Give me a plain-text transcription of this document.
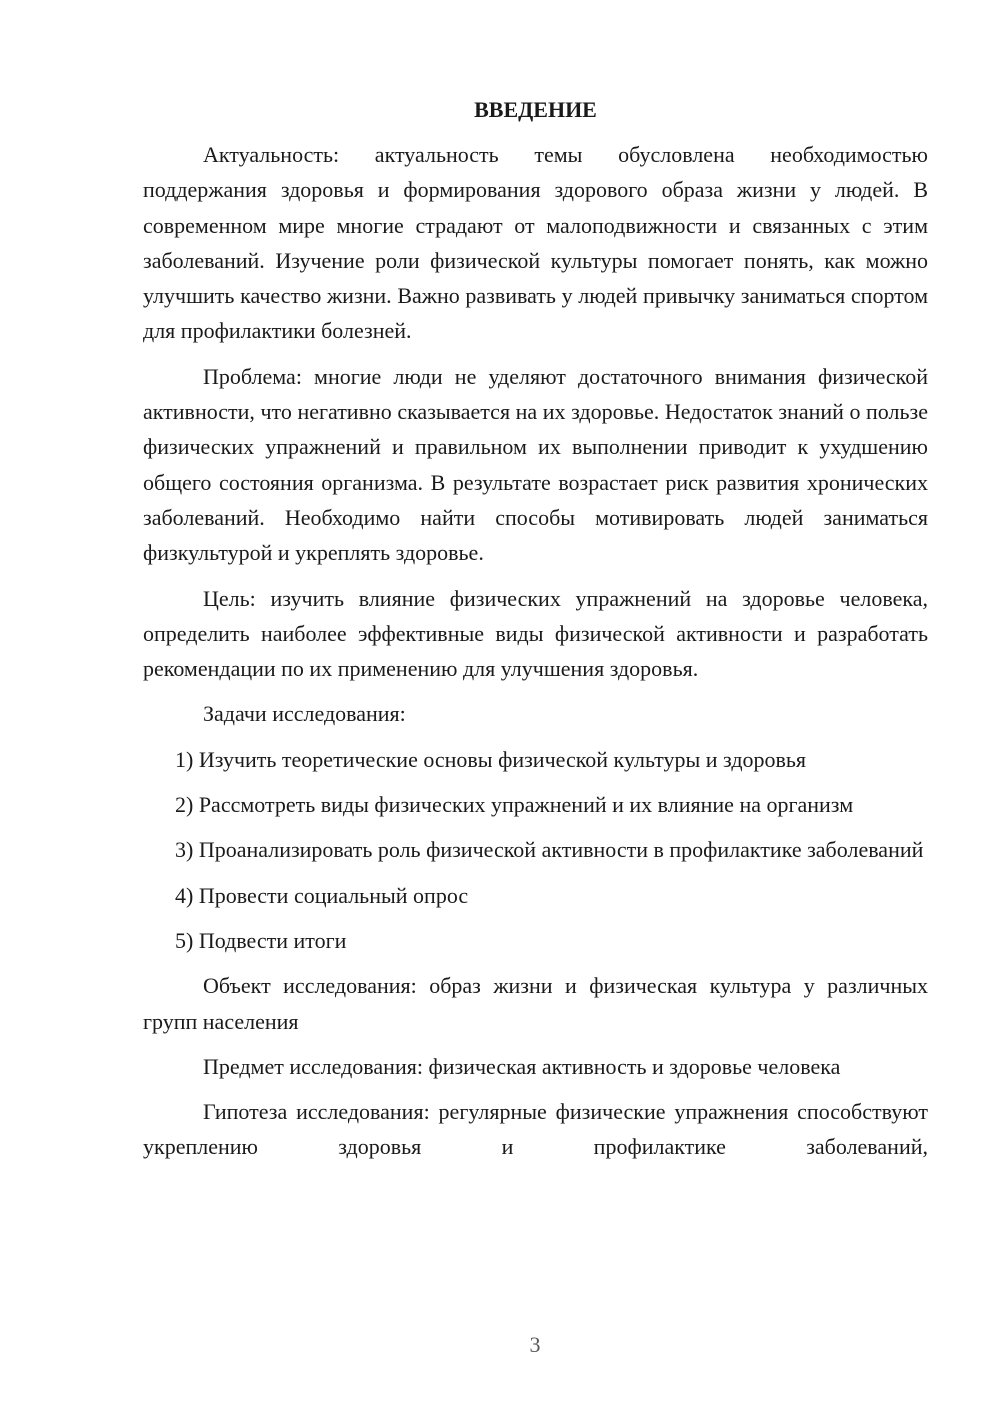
ВВЕДЕНИЕ

Актуальность: актуальность темы обусловлена необходимостью поддержания здоровья и формирования здорового образа жизни у людей. В современном мире многие страдают от малоподвижности и связанных с этим заболеваний. Изучение роли физической культуры помогает понять, как можно улучшить качество жизни. Важно развивать у людей привычку заниматься спортом для профилактики болезней.

Проблема: многие люди не уделяют достаточного внимания физической активности, что негативно сказывается на их здоровье. Недостаток знаний о пользе физических упражнений и правильном их выполнении приводит к ухудшению общего состояния организма. В результате возрастает риск развития хронических заболеваний. Необходимо найти способы мотивировать людей заниматься физкультурой и укреплять здоровье.

Цель: изучить влияние физических упражнений на здоровье человека, определить наиболее эффективные виды физической активности и разработать рекомендации по их применению для улучшения здоровья.

Задачи исследования:

1) Изучить теоретические основы физической культуры и здоровья

2) Рассмотреть виды физических упражнений и их влияние на организм

3) Проанализировать роль физической активности в профилактике заболеваний

4) Провести социальный опрос

5) Подвести итоги

Объект исследования: образ жизни и физическая культура у различных групп населения

Предмет исследования: физическая активность и здоровье человека

Гипотеза исследования: регулярные физические упражнения способствуют укреплению здоровья и профилактике заболеваний,

3
